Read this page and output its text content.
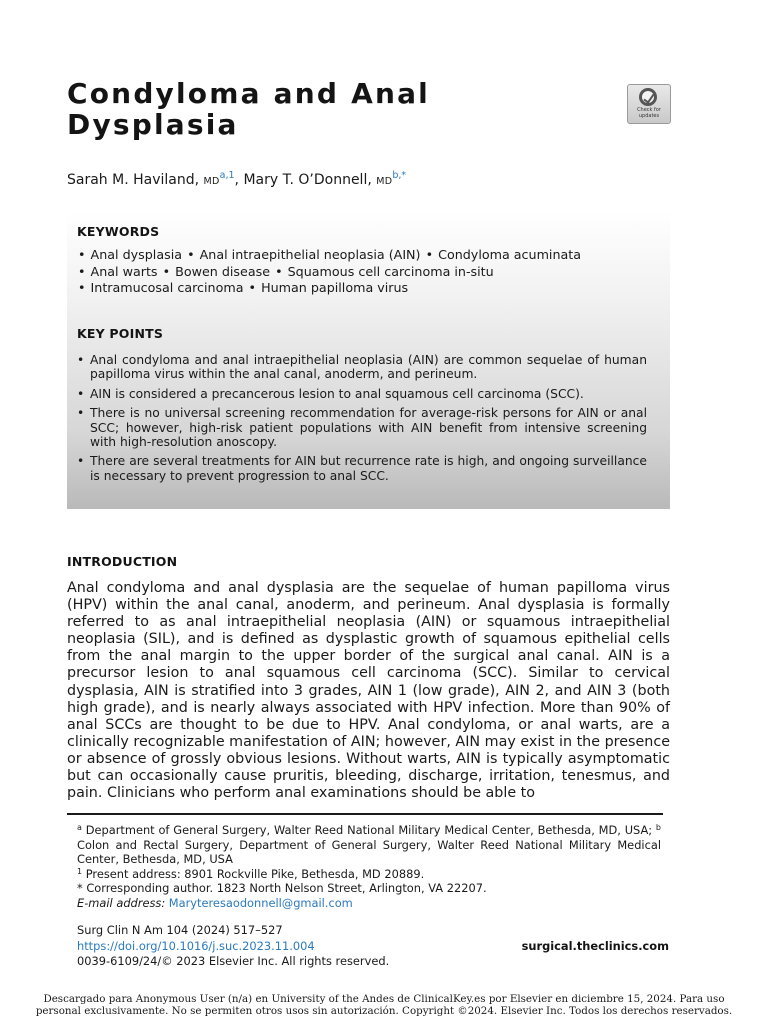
Condyloma and Anal
Dysplasia	Check for
updates
Sarah M. Haviland, MD$^{a,1}$, Mary T. O’Donnell, $MD^{b,*}$
KEYWORDS
• Anal dysplasia • Anal intraepithelial neoplasia (AIN) • Condyloma acuminata
• Anal warts • Bowen disease • Squamous cell carcinoma in-situ
• Intramucosal carcinoma • Human papilloma virus
KEY POINTS
• Anal condyloma and anal intraepithelial neoplasia (AIN) are common sequelae of human papilloma virus within the anal canal, anoderm, and perineum.
• AIN is considered a precancerous lesion to anal squamous cell carcinoma (SCC).
• There is no universal screening recommendation for average-risk persons for AIN or anal SCC; however, high-risk patient populations with AIN benefit from intensive screening with high-resolution anoscopy.
• There are several treatments for AIN but recurrence rate is high, and ongoing surveillance is necessary to prevent progression to anal SCC.
INTRODUCTION

Anal condyloma and anal dysplasia are the sequelae of human papilloma virus (HPV) within the anal canal, anoderm, and perineum. Anal dysplasia is formally referred to as anal intraepithelial neoplasia (AIN) or squamous intraepithelial neoplasia (SIL), and is defined as dysplastic growth of squamous epithelial cells from the anal margin to the upper border of the surgical anal canal. AIN is a precursor lesion to anal squamous cell carcinoma (SCC). Similar to cervical dysplasia, AIN is stratified into 3 grades, AIN 1 (low grade), AIN 2, and AIN 3 (both high grade), and is nearly always associated with HPV infection. More than 90% of anal SCCs are thought to be due to HPV. Anal condyloma, or anal warts, are a clinically recognizable manifestation of AIN; however, AIN may exist in the presence or absence of grossly obvious lesions. Without warts, AIN is typically asymptomatic but can occasionally cause pruritis, bleeding, discharge, irritation, tenesmus, and pain. Clinicians who perform anal examinations should be able to

$^a$ Department of General Surgery, Walter Reed National Military Medical Center, Bethesda, MD, USA; $^b$ Colon and Rectal Surgery, Department of General Surgery, Walter Reed National Military Medical Center, Bethesda, MD, USA

$^1$ Present address: 8901 Rockville Pike, Bethesda, MD 20889.

* Corresponding author. 1823 North Nelson Street, Arlington, VA 22207.

E-mail address: Maryteresaodonnell@gmail.com

Surg Clin N Am 104 (2024) 517–527
https://doi.org/10.1016/j.suc.2023.11.004
0039-6109/24/© 2023 Elsevier Inc. All rights reserved.
surgical.theclinics.com
Descargado para Anonymous User (n/a) en University of the Andes de ClinicalKey.es por Elsevier en diciembre 15, 2024. Para uso
personal exclusivamente. No se permiten otros usos sin autorización. Copyright ©2024. Elsevier Inc. Todos los derechos reservados.
